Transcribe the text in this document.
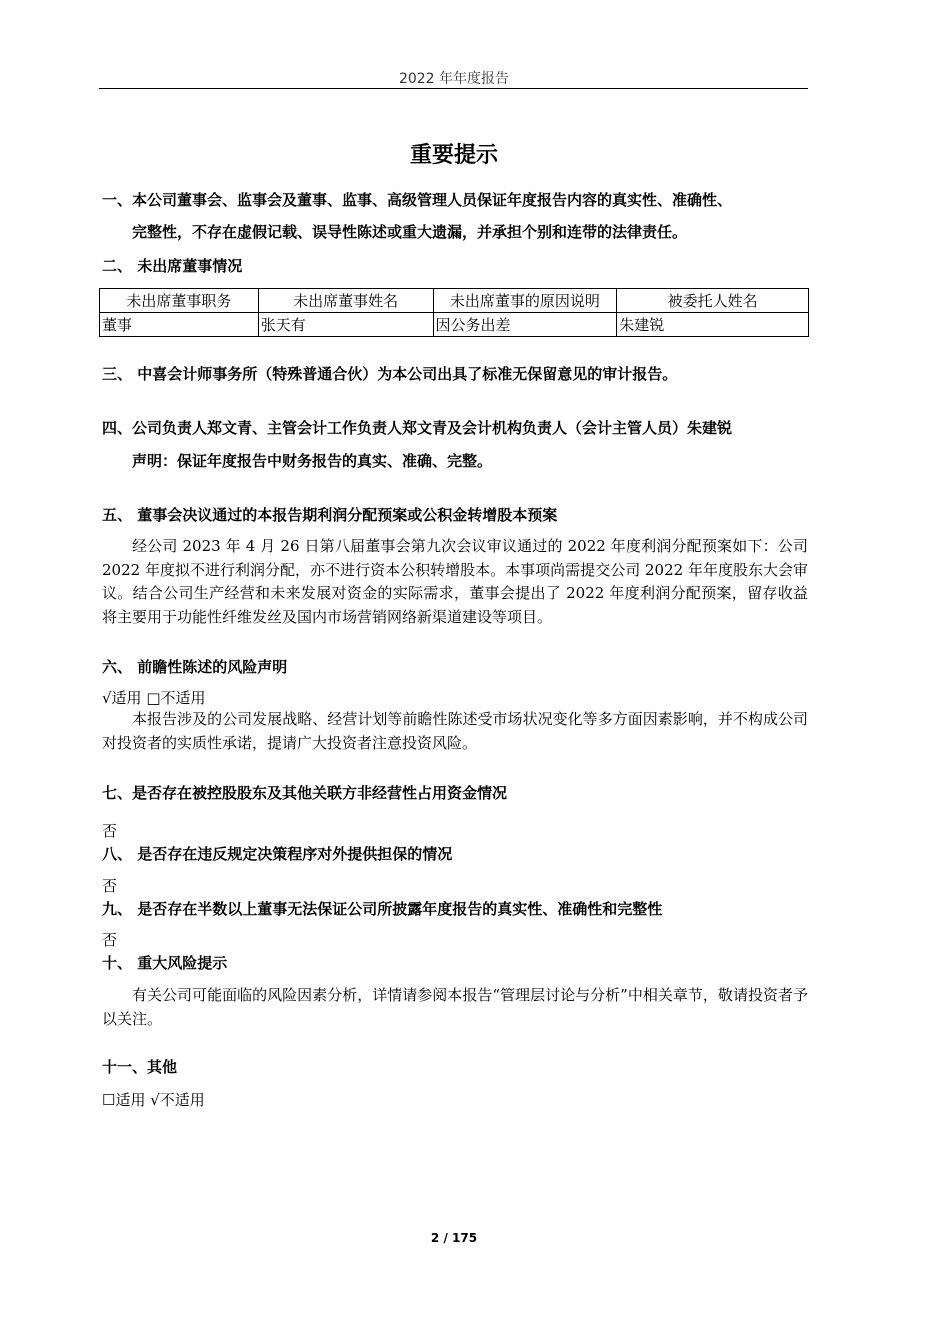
2022 年年度报告
重要提示
一、本公司董事会、监事会及董事、监事、高级管理人员保证年度报告内容的真实性、准确性、
完整性，不存在虚假记载、误导性陈述或重大遗漏，并承担个别和连带的法律责任。
二、 未出席董事情况
未出席董事职务	未出席董事姓名	未出席董事的原因说明	被委托人姓名
董事	张天有	因公务出差	朱建锐
三、 中喜会计师事务所（特殊普通合伙）为本公司出具了标准无保留意见的审计报告。
四、公司负责人郑文青、主管会计工作负责人郑文青及会计机构负责人（会计主管人员）朱建锐
声明：保证年度报告中财务报告的真实、准确、完整。
五、 董事会决议通过的本报告期利润分配预案或公积金转增股本预案
经公司 2023 年 4 月 26 日第八届董事会第九次会议审议通过的 2022 年度利润分配预案如下：公司 2022 年度拟不进行利润分配，亦不进行资本公积转增股本。本事项尚需提交公司 2022 年年度股东大会审议。结合公司生产经营和未来发展对资金的实际需求，董事会提出了 2022 年度利润分配预案，留存收益将主要用于功能性纤维发丝及国内市场营销网络新渠道建设等项目。
六、 前瞻性陈述的风险声明
√适用 □不适用
本报告涉及的公司发展战略、经营计划等前瞻性陈述受市场状况变化等多方面因素影响，并不构成公司对投资者的实质性承诺，提请广大投资者注意投资风险。
七、是否存在被控股股东及其他关联方非经营性占用资金情况
否
八、 是否存在违反规定决策程序对外提供担保的情况
否
九、 是否存在半数以上董事无法保证公司所披露年度报告的真实性、准确性和完整性
否
十、 重大风险提示
有关公司可能面临的风险因素分析，详情请参阅本报告“管理层讨论与分析”中相关章节，敬请投资者予以关注。
十一、其他
☐适用 √不适用
2 / 175
